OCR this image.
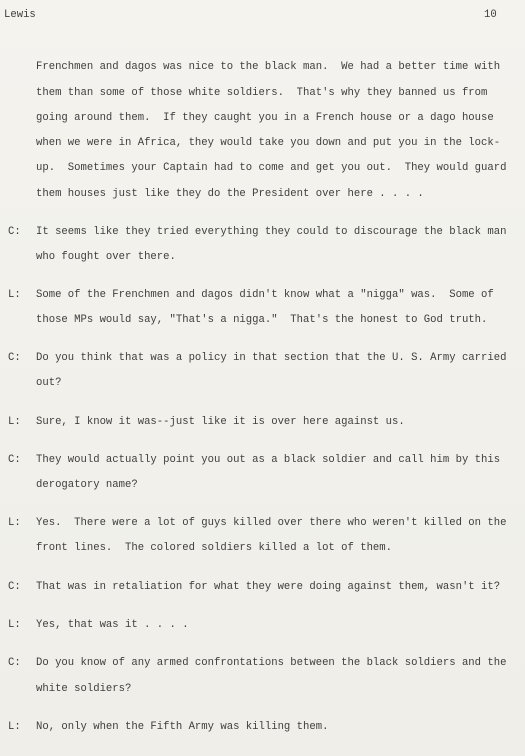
Lewis	10
Frenchmen and dagos was nice to the black man.  We had a better time with
them than some of those white soldiers.  That's why they banned us from
going around them.  If they caught you in a French house or a dago house
when we were in Africa, they would take you down and put you in the lock-
up.  Sometimes your Captain had to come and get you out.  They would guard
them houses just like they do the President over here . . . .
C: It seems like they tried everything they could to discourage the black man
who fought over there.
L: Some of the Frenchmen and dagos didn't know what a "nigga" was.  Some of
those MPs would say, "That's a nigga."  That's the honest to God truth.
C: Do you think that was a policy in that section that the U. S. Army carried
out?
L: Sure, I know it was--just like it is over here against us.
C: They would actually point you out as a black soldier and call him by this
derogatory name?
L: Yes.  There were a lot of guys killed over there who weren't killed on the
front lines.  The colored soldiers killed a lot of them.
C: That was in retaliation for what they were doing against them, wasn't it?
L: Yes, that was it . . . .
C: Do you know of any armed confrontations between the black soldiers and the
white soldiers?
L: No, only when the Fifth Army was killing them.
